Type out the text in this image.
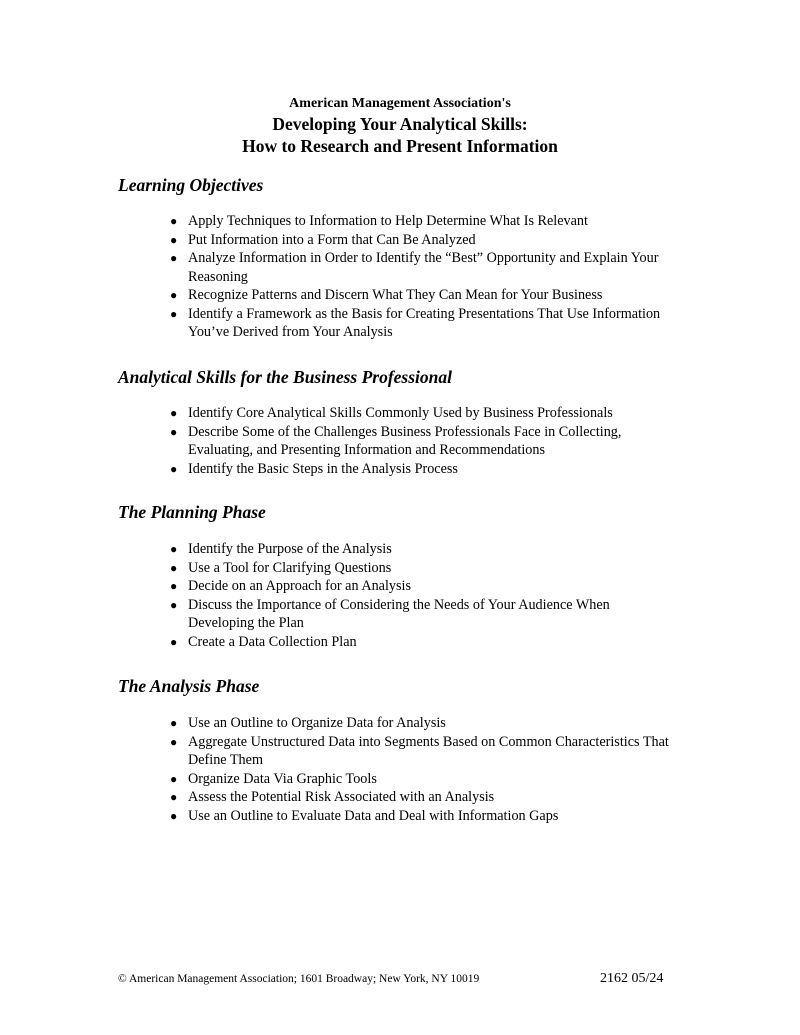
American Management Association's
Developing Your Analytical Skills:
How to Research and Present Information
Learning Objectives
● Apply Techniques to Information to Help Determine What Is Relevant
● Put Information into a Form that Can Be Analyzed
● Analyze Information in Order to Identify the “Best” Opportunity and Explain Your Reasoning
● Recognize Patterns and Discern What They Can Mean for Your Business
● Identify a Framework as the Basis for Creating Presentations That Use Information You’ve Derived from Your Analysis
Analytical Skills for the Business Professional
● Identify Core Analytical Skills Commonly Used by Business Professionals
● Describe Some of the Challenges Business Professionals Face in Collecting, Evaluating, and Presenting Information and Recommendations
● Identify the Basic Steps in the Analysis Process
The Planning Phase
● Identify the Purpose of the Analysis
● Use a Tool for Clarifying Questions
● Decide on an Approach for an Analysis
● Discuss the Importance of Considering the Needs of Your Audience When Developing the Plan
● Create a Data Collection Plan
The Analysis Phase
● Use an Outline to Organize Data for Analysis
● Aggregate Unstructured Data into Segments Based on Common Characteristics That Define Them
● Organize Data Via Graphic Tools
● Assess the Potential Risk Associated with an Analysis
● Use an Outline to Evaluate Data and Deal with Information Gaps
© American Management Association; 1601 Broadway; New York, NY 10019	2162 05/24
